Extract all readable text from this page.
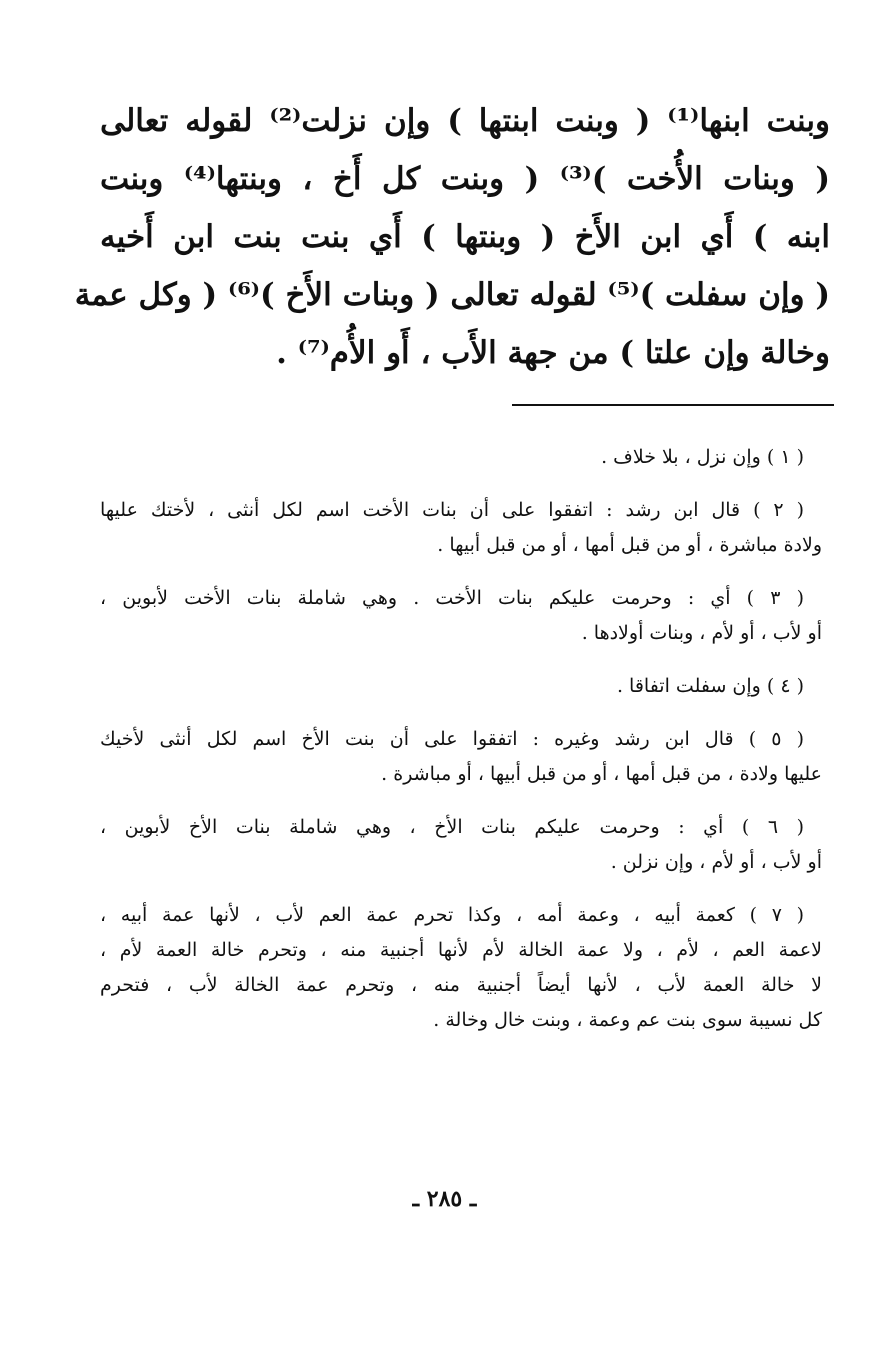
وبنت ابنها⁽¹⁾ ( وبنت ابنتها ) وإن نزلت⁽²⁾ لقوله تعالى
( وبنات الأُخت )⁽³⁾ ( وبنت كل أَخ ، وبنتها⁽⁴⁾ وبنت
ابنه ) أَي ابن الأَخ ( وبنتها ) أَي بنت بنت ابن أَخيه
( وإن سفلت )⁽⁵⁾ لقوله تعالى ( وبنات الأَخ )⁽⁶⁾ ( وكل عمة
وخالة وإن علتا ) من جهة الأَب ، أَو الأُم⁽⁷⁾ .
( ١ ) وإن نزل ، بلا خلاف .
( ٢ ) قال ابن رشد : اتفقوا على أن بنات الأخت اسم لكل أنثى ، لأختك عليها
ولادة مباشرة ، أو من قبل أمها ، أو من قبل أبيها .
( ٣ ) أي : وحرمت عليكم بنات الأخت . وهي شاملة بنات الأخت لأبوين ،
أو لأب ، أو لأم ، وبنات أولادها .
( ٤ ) وإن سفلت اتفاقا .
( ٥ ) قال ابن رشد وغيره : اتفقوا على أن بنت الأخ اسم لكل أنثى لأخيك
عليها ولادة ، من قبل أمها ، أو من قبل أبيها ، أو مباشرة .
( ٦ ) أي : وحرمت عليكم بنات الأخ ، وهي شاملة بنات الأخ لأبوين ،
أو لأب ، أو لأم ، وإن نزلن .
( ٧ ) كعمة أبيه ، وعمة أمه ، وكذا تحرم عمة العم لأب ، لأنها عمة أبيه ،
لاعمة العم ، لأم ، ولا عمة الخالة لأم لأنها أجنبية منه ، وتحرم خالة العمة لأم ،
لا خالة العمة لأب ، لأنها أيضاً أجنبية منه ، وتحرم عمة الخالة لأب ، فتحرم
كل نسيبة سوى بنت عم وعمة ، وبنت خال وخالة .
ـ ٢٨٥ ـ
